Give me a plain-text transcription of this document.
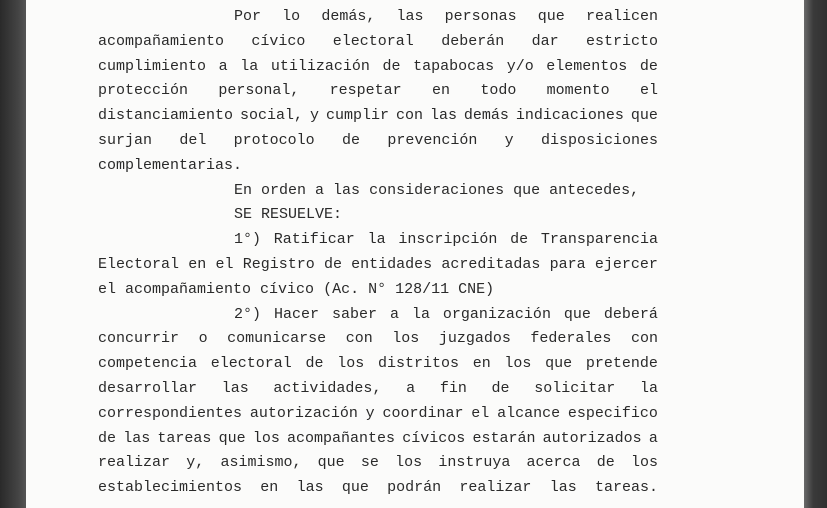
Por lo demás, las personas que realicen
acompañamiento cívico electoral deberán dar estricto
cumplimiento a la utilización de tapabocas y/o elementos de
protección personal, respetar en todo momento el
distanciamiento social, y cumplir con las demás indicaciones que
surjan del protocolo de prevención y disposiciones
complementarias.
En orden a las consideraciones que antecedes,
SE RESUELVE:
1°) Ratificar la inscripción de Transparencia
Electoral en el Registro de entidades acreditadas para ejercer
el acompañamiento cívico (Ac. N° 128/11 CNE)
2°) Hacer saber a la organización que deberá
concurrir o comunicarse con los juzgados federales con
competencia electoral de los distritos en los que pretende
desarrollar las actividades, a fin de solicitar la
correspondientes autorización y coordinar el alcance especifico
de las tareas que los acompañantes cívicos estarán autorizados a
realizar y, asimismo, que se los instruya acerca de los
establecimientos en las que podrán realizar las tareas.
